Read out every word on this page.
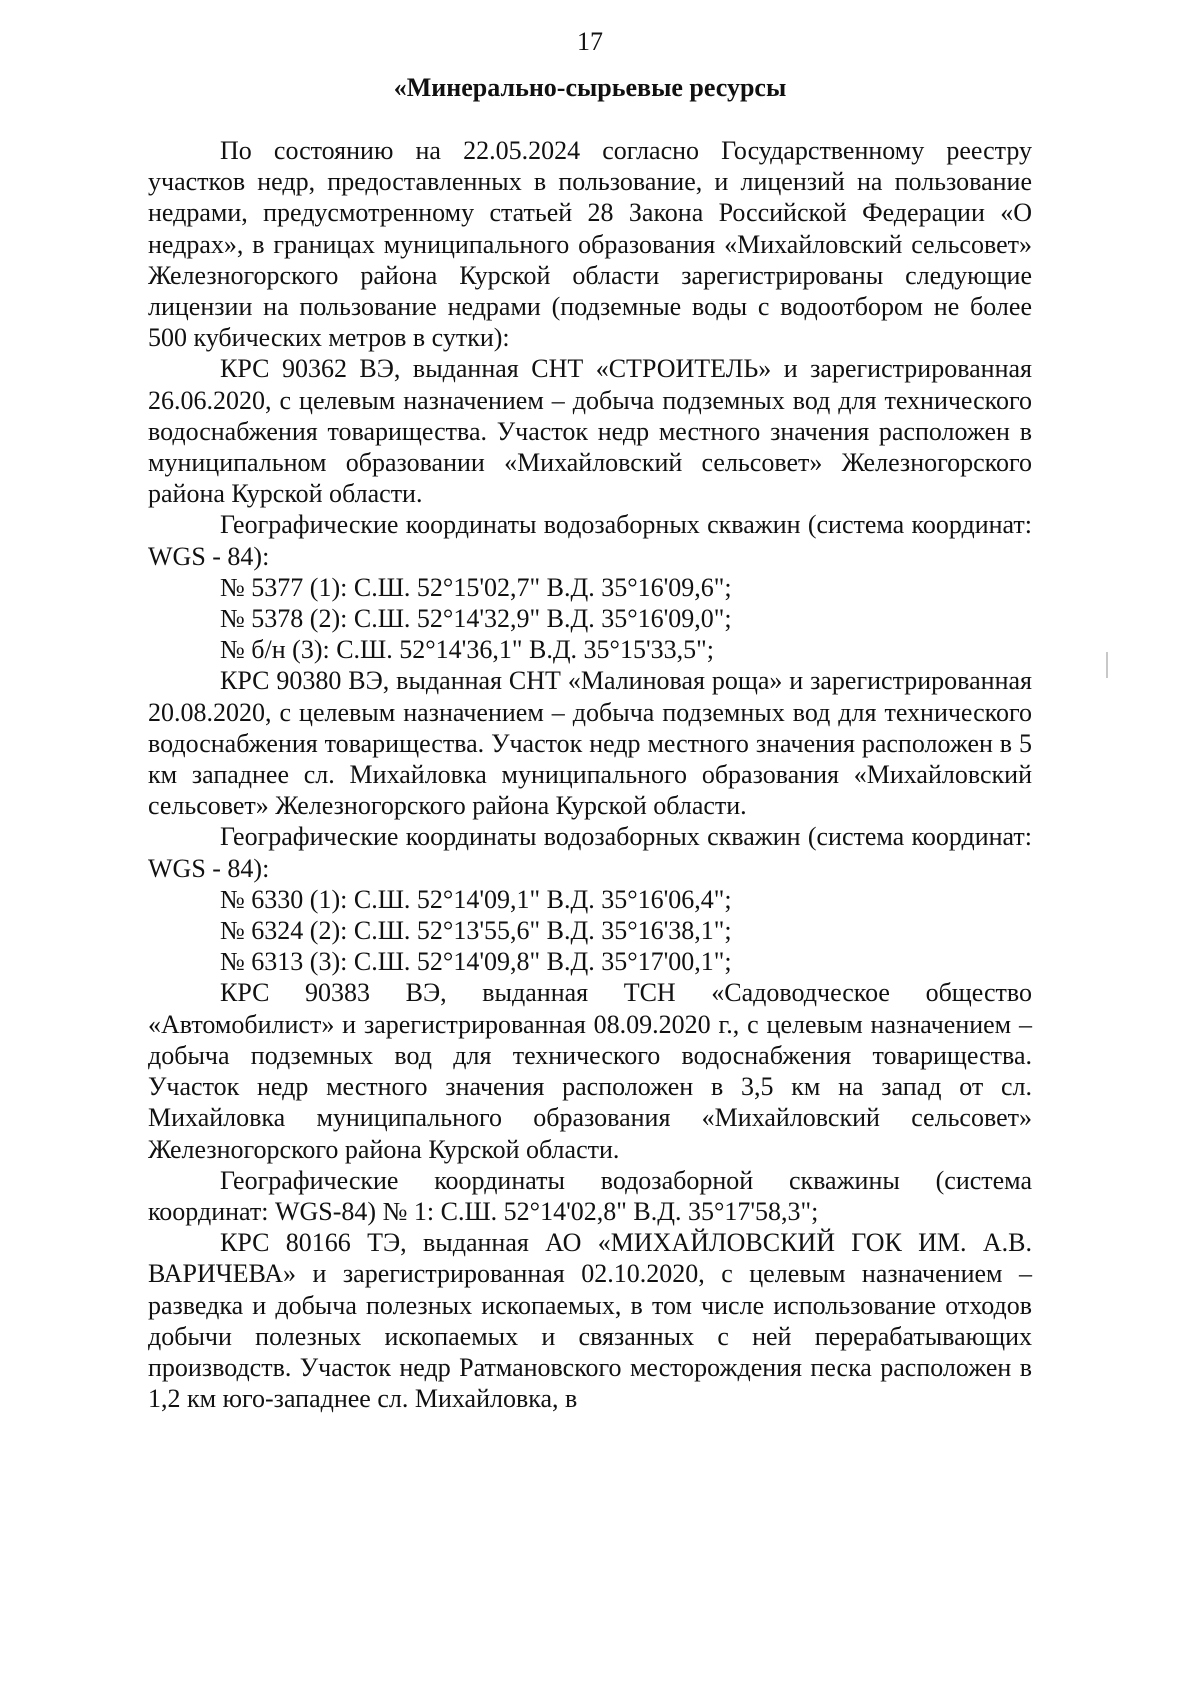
17
«Минерально-сырьевые ресурсы

По состоянию на 22.05.2024 согласно Государственному реестру участков недр, предоставленных в пользование, и лицензий на пользование недрами, предусмотренному статьей 28 Закона Российской Федерации «О недрах», в границах муниципального образования «Михайловский сельсовет» Железногорского района Курской области зарегистрированы следующие лицензии на пользование недрами (подземные воды с водоотбором не более 500 кубических метров в сутки):

КРС 90362 ВЭ, выданная СНТ «СТРОИТЕЛЬ» и зарегистрированная 26.06.2020, с целевым назначением – добыча подземных вод для технического водоснабжения товарищества. Участок недр местного значения расположен в муниципальном образовании «Михайловский сельсовет» Железногорского района Курской области.

Географические координаты водозаборных скважин (система координат: WGS - 84):

№ 5377 (1): С.Ш. 52°15'02,7" В.Д. 35°16'09,6";

№ 5378 (2): С.Ш. 52°14'32,9" В.Д. 35°16'09,0";

№ б/н (3): С.Ш. 52°14'36,1" В.Д. 35°15'33,5";

КРС 90380 ВЭ, выданная СНТ «Малиновая роща» и зарегистрированная 20.08.2020, с целевым назначением – добыча подземных вод для технического водоснабжения товарищества. Участок недр местного значения расположен в 5 км западнее сл. Михайловка муниципального образования «Михайловский сельсовет» Железногорского района Курской области.

Географические координаты водозаборных скважин (система координат: WGS - 84):

№ 6330 (1): С.Ш. 52°14'09,1" В.Д. 35°16'06,4";

№ 6324 (2): С.Ш. 52°13'55,6" В.Д. 35°16'38,1";

№ 6313 (3): С.Ш. 52°14'09,8" В.Д. 35°17'00,1";

КРС 90383 ВЭ, выданная ТСН «Садоводческое общество «Автомобилист» и зарегистрированная 08.09.2020 г., с целевым назначением – добыча подземных вод для технического водоснабжения товарищества. Участок недр местного значения расположен в 3,5 км на запад от сл. Михайловка муниципального образования «Михайловский сельсовет» Железногорского района Курской области.

Географические координаты водозаборной скважины (система координат: WGS-84) № 1: С.Ш. 52°14'02,8" В.Д. 35°17'58,3";

КРС 80166 ТЭ, выданная АО «МИХАЙЛОВСКИЙ ГОК ИМ. А.В. ВАРИЧЕВА» и зарегистрированная 02.10.2020, с целевым назначением – разведка и добыча полезных ископаемых, в том числе использование отходов добычи полезных ископаемых и связанных с ней перерабатывающих производств. Участок недр Ратмановского месторождения песка расположен в 1,2 км юго-западнее сл. Михайловка, в
